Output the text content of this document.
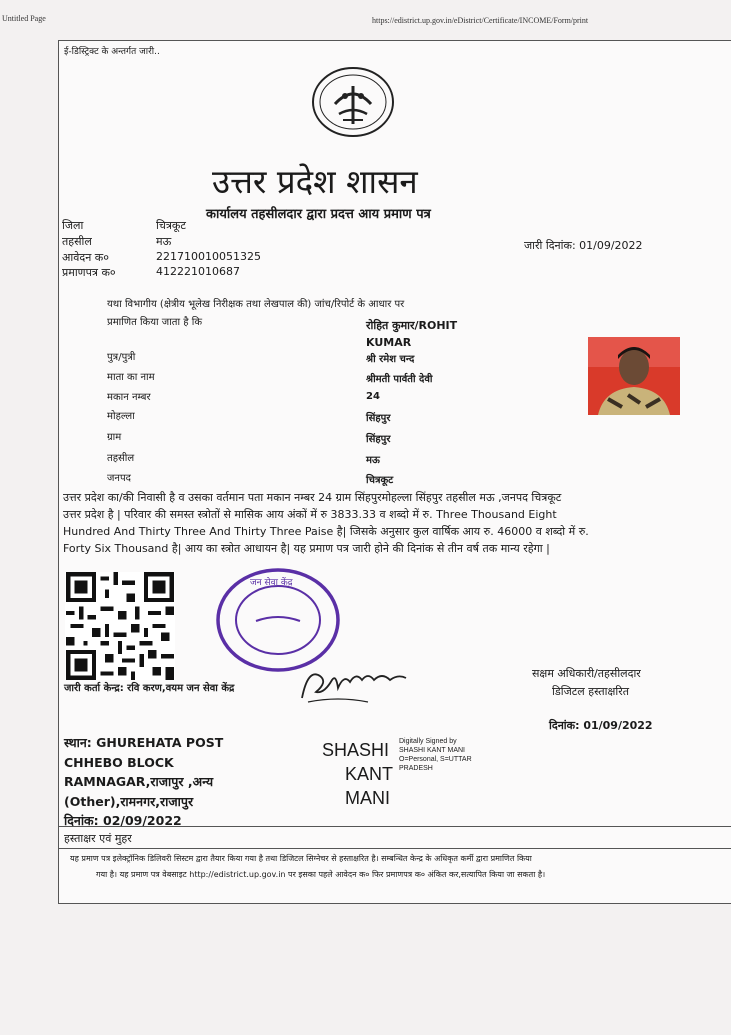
Untitled Page	https://edistrict.up.gov.in/eDistrict/Certificate/INCOME/Form/print
ई-डिस्ट्रिक्ट के अन्तर्गत जारी..
उत्तर प्रदेश शासन
कार्यालय तहसीलदार द्वारा प्रदत्त आय प्रमाण पत्र
जिला	चित्रकूट
तहसील	मऊ
आवेदन क०	221710010051325
प्रमाणपत्र क०	412221010687
जारी दिनांक: 01/09/2022
यथा विभागीय (क्षेत्रीय भूलेख निरीक्षक तथा लेखपाल की) जांच/रिपोर्ट के आधार पर
प्रमाणित किया जाता है कि	रोहित कुमार/ROHIT
KUMAR
पुत्र/पुत्री	श्री रमेश चन्द
माता का नाम	श्रीमती पार्वती देवी
मकान नम्बर	24
मोहल्ला	सिंहपुर
ग्राम	सिंहपुर
तहसील	मऊ
जनपद	चित्रकूट
उत्तर प्रदेश का/की निवासी है व उसका वर्तमान पता मकान नम्बर 24 ग्राम सिंहपुरमोहल्ला सिंहपुर तहसील मऊ ,जनपद चित्रकूट
उत्तर प्रदेश है | परिवार की समस्त स्त्रोतों से मासिक आय अंकों में रु 3833.33 व शब्दो में रु. Three Thousand Eight
Hundred And Thirty Three And Thirty Three Paise है| जिसके अनुसार कुल वार्षिक आय रु. 46000 व शब्दो में रु.
Forty Six Thousand है| आय का स्त्रोत आधायन है| यह प्रमाण पत्र जारी होने की दिनांक से तीन वर्ष तक मान्य रहेगा |
जन सेवा केंद्र
जारी कर्ता केन्द्र: रवि करण,वयम जन सेवा केंद्र
सक्षम अधिकारी/तहसीलदार
डिजिटल हस्ताक्षरित
दिनांक: 01/09/2022
स्थान: GHUREHATA POST
CHHEBO BLOCK
RAMNAGAR,राजापुर ,अन्य
(Other),रामनगर,राजापुर
दिनांक: 02/09/2022
SHASHI
KANT
MANI
Digitally Signed by
SHASHI KANT MANI
O=Personal, S=UTTAR
PRADESH
हस्ताक्षर एवं मुहर
यह प्रमाण पत्र इलेक्ट्रॉनिक डिलिवरी सिस्टम द्वारा तैयार किया गया है तथा डिजिटल सिग्नेचर से हस्ताक्षरित है। सम्बन्धित केन्द्र के अधिकृत कर्मी द्वारा प्रमाणित किया
गया है। यह प्रमाण पत्र वेबसाइट http://edistrict.up.gov.in पर इसका पहले आवेदन क० फिर प्रमाणपत्र क० अंकित कर,सत्यापित किया जा सकता है।
